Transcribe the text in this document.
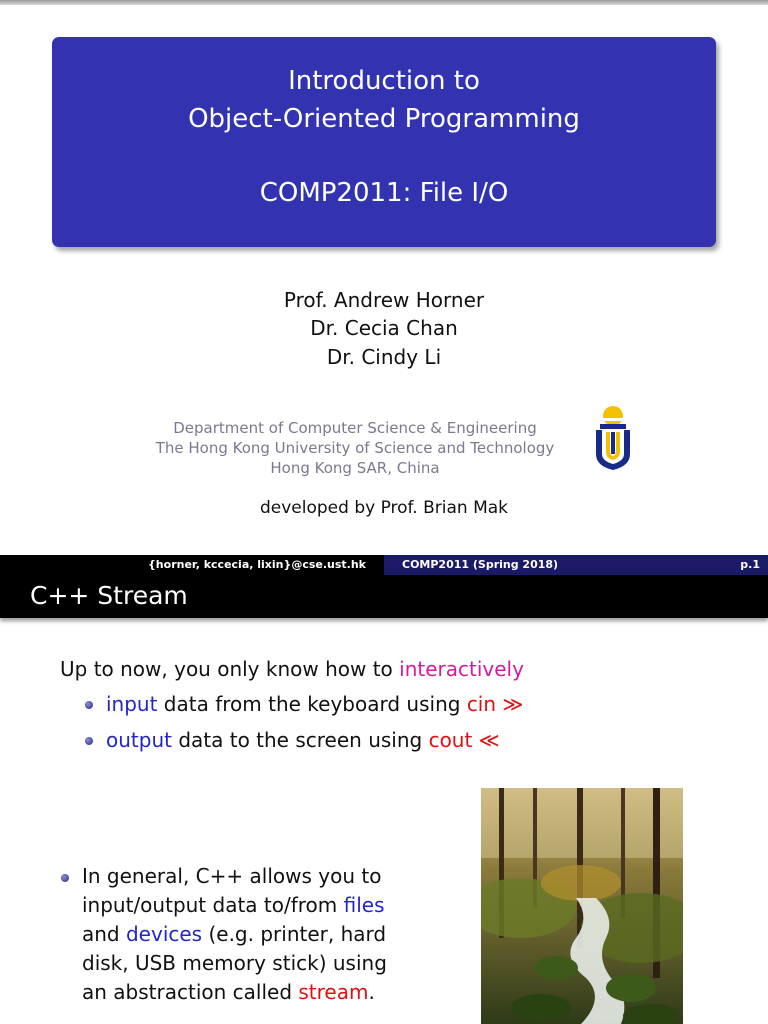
Introduction to
Object-Oriented Programming
COMP2011: File I/O
Prof. Andrew Horner
Dr. Cecia Chan
Dr. Cindy Li
Department of Computer Science & Engineering
The Hong Kong University of Science and Technology
Hong Kong SAR, China
developed by Prof. Brian Mak
{horner, kccecia, lixin}@cse.ust.hk	COMP2011 (Spring 2018)	p.1
C++ Stream
Up to now, you only know how to interactively
input data from the keyboard using cin ≫
output data to the screen using cout ≪
In general, C++ allows you to input/output data to/from files and devices (e.g. printer, hard disk, USB memory stick) using an abstraction called stream.
